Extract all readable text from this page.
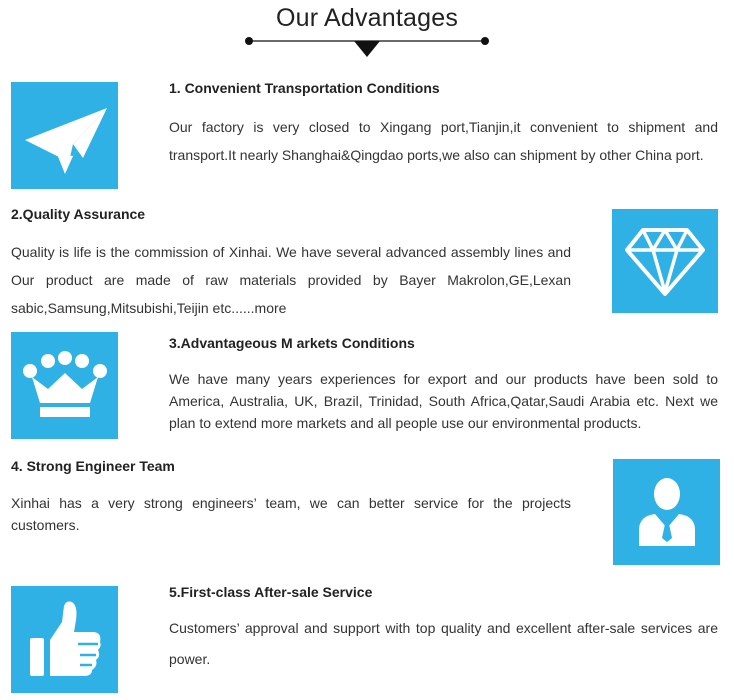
Our Advantages
1. Convenient Transportation Conditions
Our factory is very closed to Xingang port,Tianjin,it convenient to shipment and transport.It nearly Shanghai&Qingdao ports,we also can shipment by other China port.
2.Quality Assurance
Quality is life is the commission of Xinhai. We have several advanced assembly lines and Our product are made of raw materials provided by Bayer Makrolon,GE,Lexan sabic,Samsung,Mitsubishi,Teijin etc......more
3.Advantageous M arkets Conditions
We have many years experiences for export and our products have been sold to America, Australia, UK, Brazil, Trinidad, South Africa,Qatar,Saudi Arabia etc. Next we plan to extend more markets and all people use our environmental products.
4. Strong Engineer Team
Xinhai has a very strong engineers’ team, we can better service for the projects customers.
5.First-class After-sale Service
Customers’ approval and support with top quality and excellent after-sale services are power.
